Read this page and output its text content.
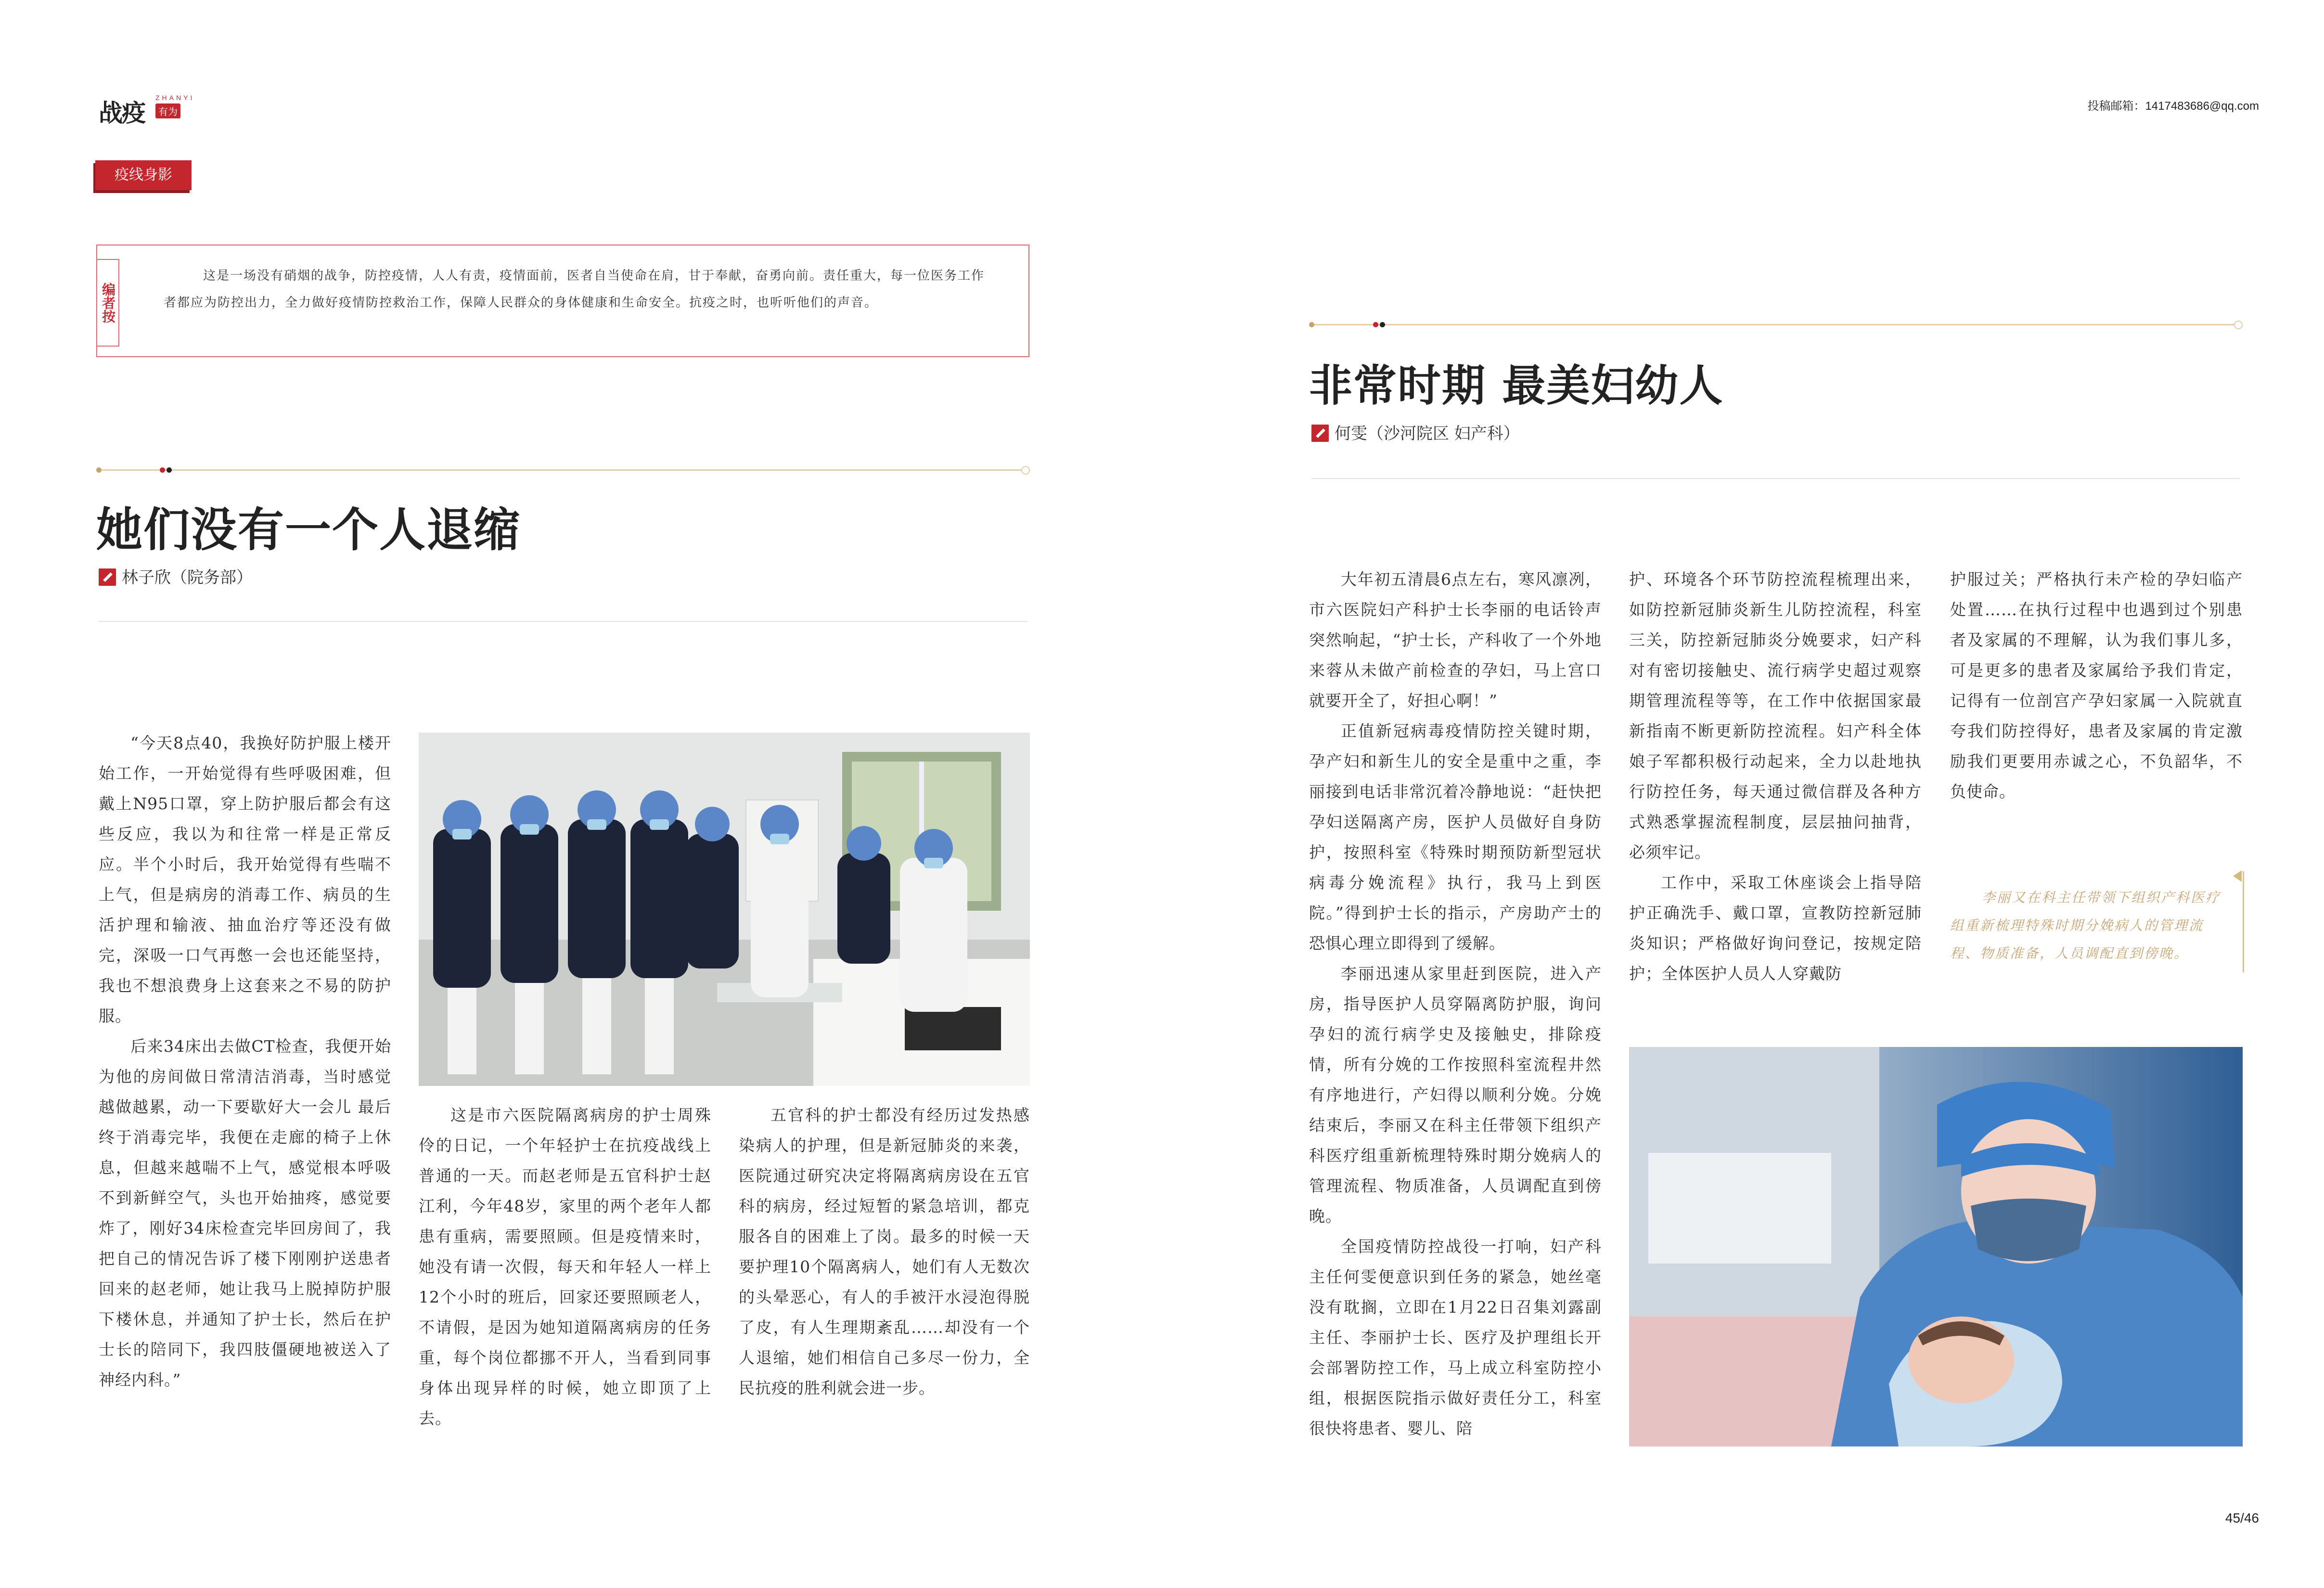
战疫
ZHANYI
有为	投稿邮箱：1417483686@qq.com
疫线身影
编者按
这是一场没有硝烟的战争，防控疫情，人人有责，疫情面前，医者自当使命在肩，甘于奉献，奋勇向前。责任重大，每一位医务工作者都应为防控出力，全力做好疫情防控救治工作，保障人民群众的身体健康和生命安全。抗疫之时，也听听他们的声音。
她们没有一个人退缩
林子欣（院务部）

“今天8点40，我换好防护服上楼开始工作，一开始觉得有些呼吸困难，但戴上N95口罩，穿上防护服后都会有这些反应，我以为和往常一样是正常反应。半个小时后，我开始觉得有些喘不上气，但是病房的消毒工作、病员的生活护理和输液、抽血治疗等还没有做完，深吸一口气再憋一会也还能坚持，我也不想浪费身上这套来之不易的防护服。

后来34床出去做CT检查，我便开始为他的房间做日常清洁消毒，当时感觉越做越累，动一下要歇好大一会儿 最后终于消毒完毕，我便在走廊的椅子上休息，但越来越喘不上气，感觉根本呼吸不到新鲜空气，头也开始抽疼，感觉要炸了，刚好34床检查完毕回房间了，我把自己的情况告诉了楼下刚刚护送患者回来的赵老师，她让我马上脱掉防护服下楼休息，并通知了护士长，然后在护士长的陪同下，我四肢僵硬地被送入了神经内科。”

这是市六医院隔离病房的护士周殊伶的日记，一个年轻护士在抗疫战线上普通的一天。而赵老师是五官科护士赵江利，今年48岁，家里的两个老年人都患有重病，需要照顾。但是疫情来时，她没有请一次假，每天和年轻人一样上12个小时的班后，回家还要照顾老人，不请假，是因为她知道隔离病房的任务重，每个岗位都挪不开人，当看到同事身体出现异样的时候，她立即顶了上去。

五官科的护士都没有经历过发热感染病人的护理，但是新冠肺炎的来袭，医院通过研究决定将隔离病房设在五官科的病房，经过短暂的紧急培训，都克服各自的困难上了岗。最多的时候一天要护理10个隔离病人，她们有人无数次的头晕恶心，有人的手被汗水浸泡得脱了皮，有人生理期紊乱……却没有一个人退缩，她们相信自己多尽一份力，全民抗疫的胜利就会进一步。

非常时期 最美妇幼人
何雯（沙河院区 妇产科）

大年初五清晨6点左右，寒风凛冽，市六医院妇产科护士长李丽的电话铃声突然响起，“护士长，产科收了一个外地来蓉从未做产前检查的孕妇，马上宫口就要开全了，好担心啊！”

正值新冠病毒疫情防控关键时期，孕产妇和新生儿的安全是重中之重，李丽接到电话非常沉着冷静地说：“赶快把孕妇送隔离产房，医护人员做好自身防护，按照科室《特殊时期预防新型冠状病毒分娩流程》执行，我马上到医院。”得到护士长的指示，产房助产士的恐惧心理立即得到了缓解。

李丽迅速从家里赶到医院，进入产房，指导医护人员穿隔离防护服，询问孕妇的流行病学史及接触史，排除疫情，所有分娩的工作按照科室流程井然有序地进行，产妇得以顺利分娩。分娩结束后，李丽又在科主任带领下组织产科医疗组重新梳理特殊时期分娩病人的管理流程、物质准备，人员调配直到傍晚。

全国疫情防控战役一打响，妇产科主任何雯便意识到任务的紧急，她丝毫没有耽搁，立即在1月22日召集刘露副主任、李丽护士长、医疗及护理组长开会部署防控工作，马上成立科室防控小组，根据医院指示做好责任分工，科室很快将患者、婴儿、陪

护、环境各个环节防控流程梳理出来，如防控新冠肺炎新生儿防控流程，科室三关，防控新冠肺炎分娩要求，妇产科对有密切接触史、流行病学史超过观察期管理流程等等，在工作中依据国家最新指南不断更新防控流程。妇产科全体娘子军都积极行动起来，全力以赴地执行防控任务，每天通过微信群及各种方式熟悉掌握流程制度，层层抽问抽背，必须牢记。

工作中，采取工休座谈会上指导陪护正确洗手、戴口罩，宣教防控新冠肺炎知识；严格做好询问登记，按规定陪护；全体医护人员人人穿戴防

护服过关；严格执行未产检的孕妇临产处置……在执行过程中也遇到过个别患者及家属的不理解，认为我们事儿多，可是更多的患者及家属给予我们肯定，记得有一位剖宫产孕妇家属一入院就直夸我们防控得好，患者及家属的肯定激励我们更要用赤诚之心，不负韶华，不负使命。

李丽又在科主任带领下组织产科医疗组重新梳理特殊时期分娩病人的管理流程、物质准备，人员调配直到傍晚。
45/46
